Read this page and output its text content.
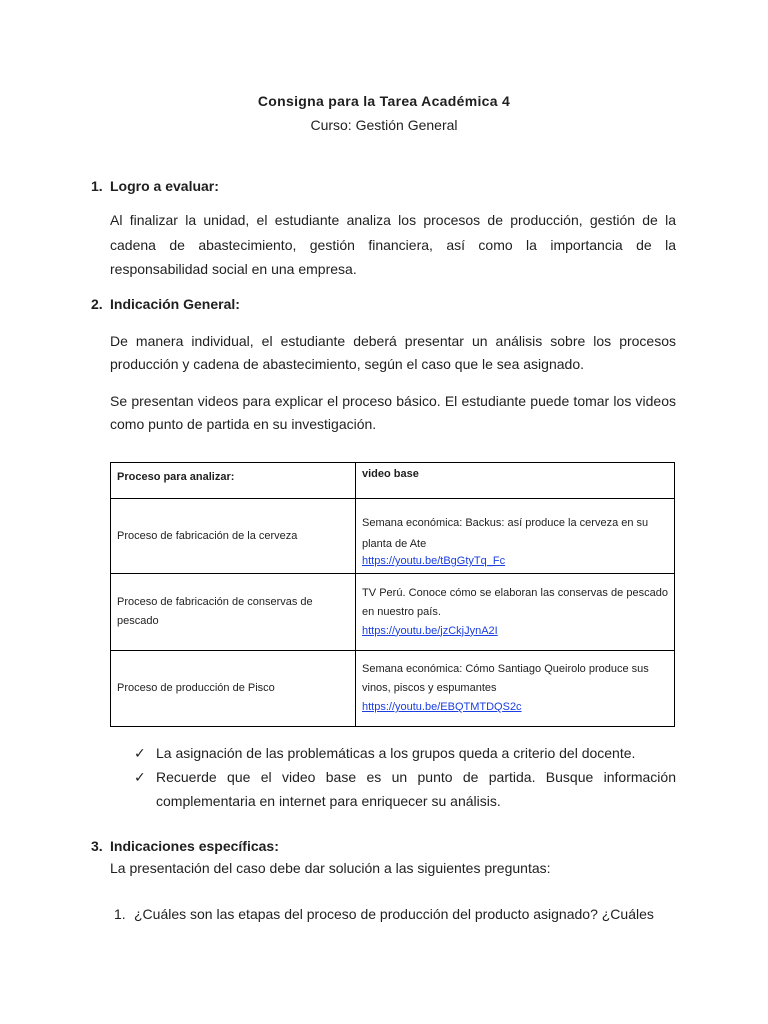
Consigna para la Tarea Académica 4

Curso: Gestión General

1. Logro a evaluar:

Al finalizar la unidad, el estudiante analiza los procesos de producción, gestión de la cadena de abastecimiento, gestión financiera, así como la importancia de la responsabilidad social en una empresa.

2. Indicación General:

De manera individual, el estudiante deberá presentar un análisis sobre los procesos producción y cadena de abastecimiento, según el caso que le sea asignado.

Se presentan videos para explicar el proceso básico. El estudiante puede tomar los videos como punto de partida en su investigación.

Proceso para analizar:	video base
Proceso de fabricación de la cerveza	Semana económica: Backus: así produce la cerveza en su
planta de Ate
https://youtu.be/tBgGtyTq_Fc

Proceso de fabricación de conservas de pescado	TV Perú. Conoce cómo se elaboran las conservas de pescado en nuestro país.
https://youtu.be/jzCkjJynA2I

Proceso de producción de Pisco	Semana económica: Cómo Santiago Queirolo produce sus vinos, piscos y espumantes
https://youtu.be/EBQTMTDQS2c
✓ La asignación de las problemáticas a los grupos queda a criterio del docente.
✓ Recuerde que el video base es un punto de partida. Busque información complementaria en internet para enriquecer su análisis.

3. Indicaciones específicas:

La presentación del caso debe dar solución a las siguientes preguntas:

1. ¿Cuáles son las etapas del proceso de producción del producto asignado? ¿Cuáles
